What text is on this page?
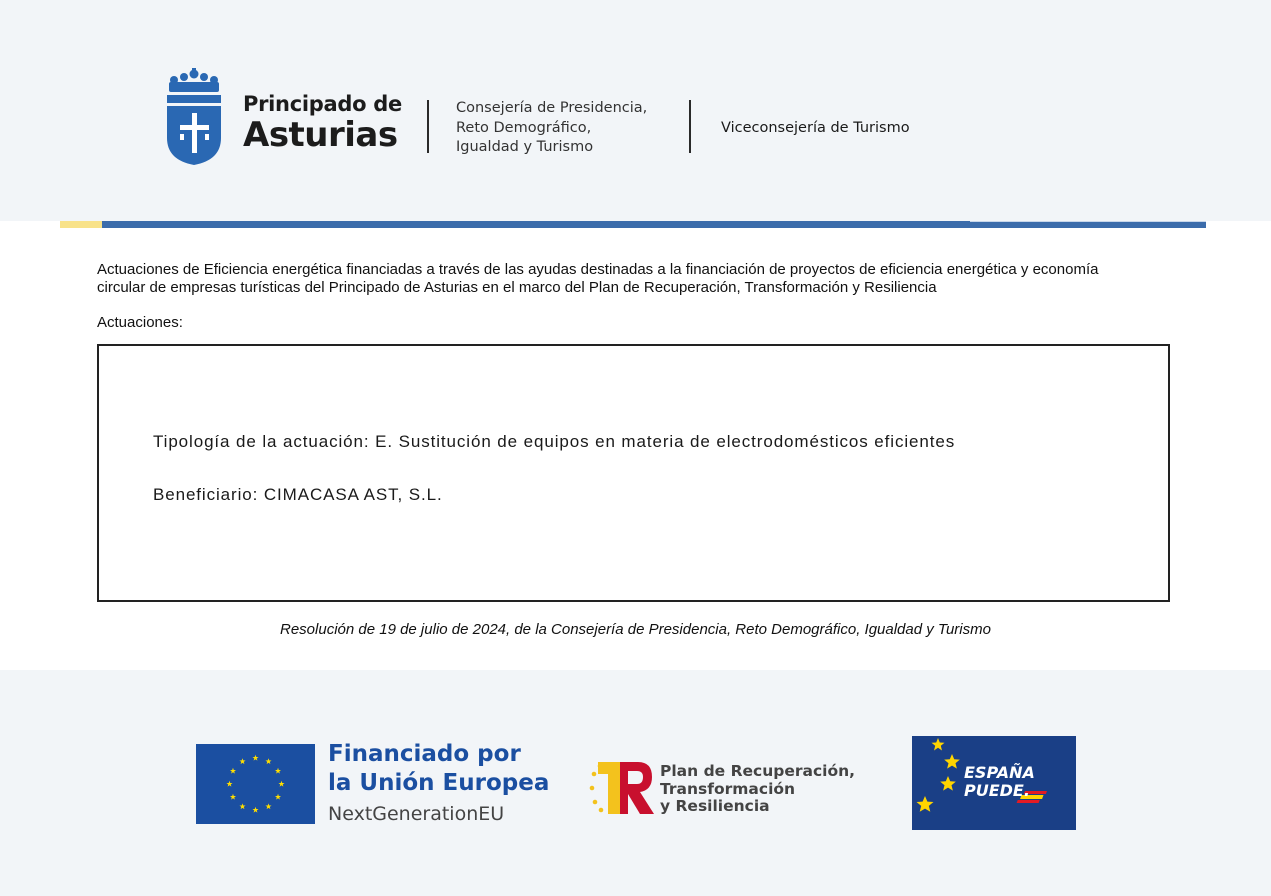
Principado de
Asturias
Consejería de Presidencia,
Reto Demográfico,
Igualdad y Turismo
Viceconsejería de Turismo
Actuaciones de Eficiencia energética financiadas a través de las ayudas destinadas a la financiación de proyectos de eficiencia energética y economía
circular de empresas turísticas del Principado de Asturias en el marco del Plan de Recuperación, Transformación y Resiliencia
Actuaciones:
Tipología de la actuación: E. Sustitución de equipos en materia de electrodomésticos eficientes
Beneficiario: CIMACASA AST, S.L.
Resolución de 19 de julio de 2024, de la Consejería de Presidencia, Reto Demográfico, Igualdad y Turismo
Financiado por
la Unión Europea
NextGenerationEU
Plan de Recuperación,
Transformación
y Resiliencia
ESPAÑA
PUEDE.
